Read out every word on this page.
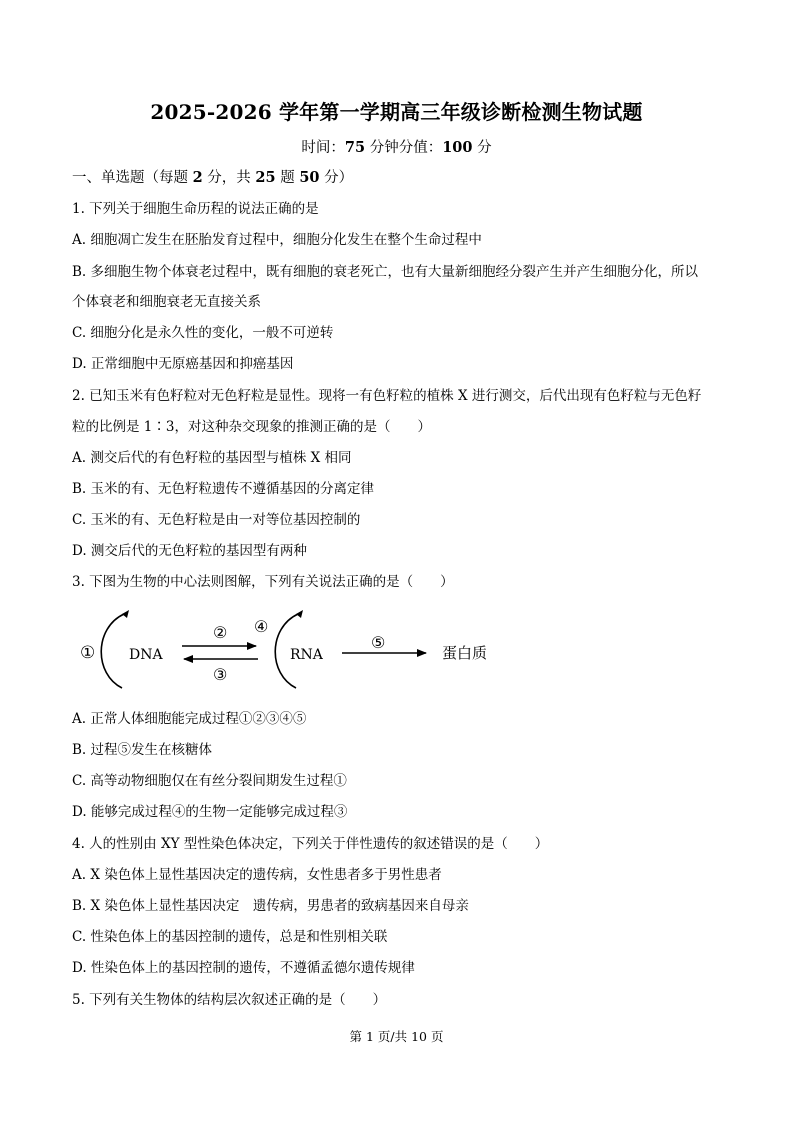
2025-2026 学年第一学期高三年级诊断检测生物试题
时间：75 分钟分值：100 分
一、单选题（每题 2 分，共 25 题 50 分）
1. 下列关于细胞生命历程的说法正确的是
A. 细胞凋亡发生在胚胎发育过程中，细胞分化发生在整个生命过程中
B. 多细胞生物个体衰老过程中，既有细胞的衰老死亡，也有大量新细胞经分裂产生并产生细胞分化，所以
个体衰老和细胞衰老无直接关系
C. 细胞分化是永久性的变化，一般不可逆转
D. 正常细胞中无原癌基因和抑癌基因
2. 已知玉米有色籽粒对无色籽粒是显性。现将一有色籽粒的植株 X 进行测交，后代出现有色籽粒与无色籽
粒的比例是 1∶3，对这种杂交现象的推测正确的是（　　）
A. 测交后代的有色籽粒的基因型与植株 X 相同
B. 玉米的有、无色籽粒遗传不遵循基因的分离定律
C. 玉米的有、无色籽粒是由一对等位基因控制的
D. 测交后代的无色籽粒的基因型有两种
3. 下图为生物的中心法则图解，下列有关说法正确的是（　　）
① DNA
②
③
④
RNA
⑤
蛋白质
A. 正常人体细胞能完成过程①②③④⑤
B. 过程⑤发生在核糖体
C. 高等动物细胞仅在有丝分裂间期发生过程①
D. 能够完成过程④的生物一定能够完成过程③
4. 人的性别由 XY 型性染色体决定，下列关于伴性遗传的叙述错误的是（　　）
A. X 染色体上显性基因决定的遗传病，女性患者多于男性患者
B. X 染色体上显性基因决定　遗传病，男患者的致病基因来自母亲
C. 性染色体上的基因控制的遗传，总是和性别相关联
D. 性染色体上的基因控制的遗传，不遵循孟德尔遗传规律
5. 下列有关生物体的结构层次叙述正确的是（　　）
第 1 页/共 10 页
